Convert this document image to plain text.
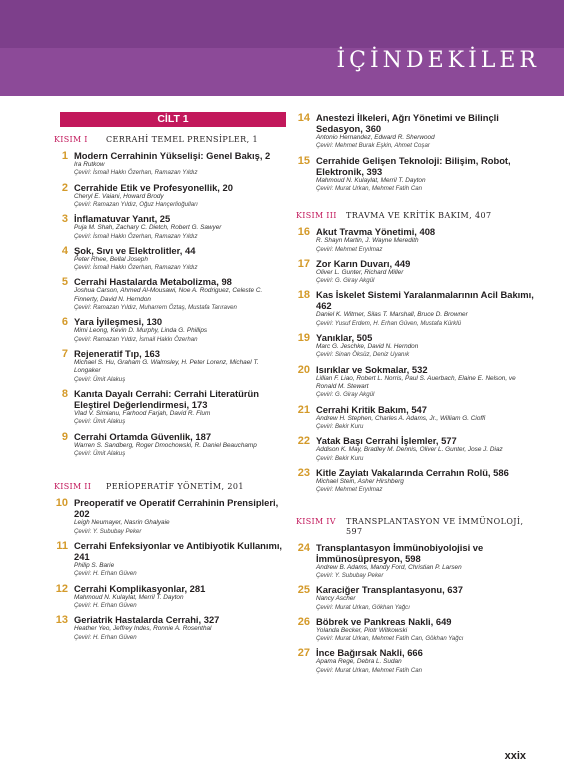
İÇİNDEKİLER
CİLT 1
KISIM I	CERRAHİ TEMEL PRENSİPLER, 1
1 Modern Cerrahinin Yükselişi: Genel Bakış, 2
Ira Rutkow
Çeviri: İsmail Hakkı Özerhan, Ramazan Yıldız
2 Cerrahide Etik ve Profesyonellik, 20
Cheryl E. Vaiani, Howard Brody
Çeviri: Ramazan Yıldız, Oğuz Hançerlioğulları
3 İnflamatuvar Yanıt, 25
Puja M. Shah, Zachary C. Dietch, Robert G. Sawyer
Çeviri: İsmail Hakkı Özerhan, Ramazan Yıldız
4 Şok, Sıvı ve Elektrolitler, 44
Peter Rhee, Bellal Joseph
Çeviri: İsmail Hakkı Özerhan, Ramazan Yıldız
5 Cerrahi Hastalarda Metabolizma, 98
Joshua Carson, Ahmed Al-Mousawi, Noe A. Rodriguez, Celeste C. Finnerty, David N. Herndon
Çeviri: Ramazan Yıldız, Muharrem Öztaş, Mustafa Tarıraven
6 Yara İyileşmesi, 130
Mimi Leong, Kevin D. Murphy, Linda G. Phillips
Çeviri: Ramazan Yıldız, İsmail Hakkı Özerhan
7 Rejeneratif Tıp, 163
Michael S. Hu, Graham G. Walmsley, H. Peter Lorenz, Michael T. Longaker
Çeviri: Ümit Alakuş
8 Kanıta Dayalı Cerrahi: Cerrahi Literatürün Eleştirel Değerlendirmesi, 173
Vlad V. Simianu, Farhood Farjah, David R. Flum
Çeviri: Ümit Alakuş
9 Cerrahi Ortamda Güvenlik, 187
Warren S. Sandberg, Roger Dmochowski, R. Daniel Beauchamp
Çeviri: Ümit Alakuş
KISIM II	PERİOPERATİF YÖNETİM, 201
10 Preoperatif ve Operatif Cerrahinin Prensipleri, 202
Leigh Neumayer, Nasrin Ghalyaie
Çeviri: Y. Sububay Peker
11 Cerrahi Enfeksiyonlar ve Antibiyotik Kullanımı, 241
Philip S. Barie
Çeviri: H. Erhan Güven
12 Cerrahi Komplikasyonlar, 281
Mahmoud N. Kulaylat, Merril T. Dayton
Çeviri: H. Erhan Güven
13 Geriatrik Hastalarda Cerrahi, 327
Heather Yeo, Jeffrey Indes, Ronnie A. Rosenthal
Çeviri: H. Erhan Güven
14 Anestezi İlkeleri, Ağrı Yönetimi ve Bilinçli Sedasyon, 360
Antonio Hernandez, Edward R. Sherwood
Çeviri: Mehmet Burak Eşkin, Ahmet Coşar
15 Cerrahide Gelişen Teknoloji: Bilişim, Robot, Elektronik, 393
Mahmoud N. Kulaylat, Merril T. Dayton
Çeviri: Murat Urkan, Mehmet Fatih Can
KISIM III	TRAVMA VE KRİTİK BAKIM, 407
16 Akut Travma Yönetimi, 408
R. Shayn Martin, J. Wayne Meredith
Çeviri: Mehmet Eryılmaz
17 Zor Karın Duvarı, 449
Oliver L. Gunter, Richard Miller
Çeviri: G. Giray Akgül
18 Kas İskelet Sistemi Yaralanmalarının Acil Bakımı, 462
Daniel K. Witmer, Silas T. Marshall, Bruce D. Browner
Çeviri: Yusuf Erdem, H. Erhan Güven, Mustafa Kürklü
19 Yanıklar, 505
Marc G. Jeschke, David N. Herndon
Çeviri: Sinan Öksüz, Deniz Uyanık
20 Isırıklar ve Sokmalar, 532
Lillian F. Liao, Robert L. Norris, Paul S. Auerbach, Elaine E. Nelson, ve Ronald M. Stewart
Çeviri: G. Giray Akgül
21 Cerrahi Kritik Bakım, 547
Andrew H. Stephen, Charles A. Adams, Jr., William G. Cioffi
Çeviri: Bekir Kuru
22 Yatak Başı Cerrahi İşlemler, 577
Addison K. May, Bradley M. Dennis, Oliver L. Gunter, Jose J. Diaz
Çeviri: Bekir Kuru
23 Kitle Zayiatı Vakalarında Cerrahın Rolü, 586
Michael Stein, Asher Hirshberg
Çeviri: Mehmet Eryılmaz
KISIM IV	TRANSPLANTASYON VE İMMÜNOLOJİ, 597
24 Transplantasyon İmmünobiyolojisi ve İmmünosüpresyon, 598
Andrew B. Adams, Mandy Ford, Christian P. Larsen
Çeviri: Y. Sububay Peker
25 Karaciğer Transplantasyonu, 637
Nancy Ascher
Çeviri: Murat Urkan, Gökhan Yağcı
26 Böbrek ve Pankreas Nakli, 649
Yolanda Becker, Piotr Witkowski
Çeviri: Murat Urkan, Mehmet Fatih Can, Gökhan Yağcı
27 İnce Bağırsak Nakli, 666
Apama Rege, Debra L. Sudan
Çeviri: Murat Urkan, Mehmet Fatih Can
xxix
